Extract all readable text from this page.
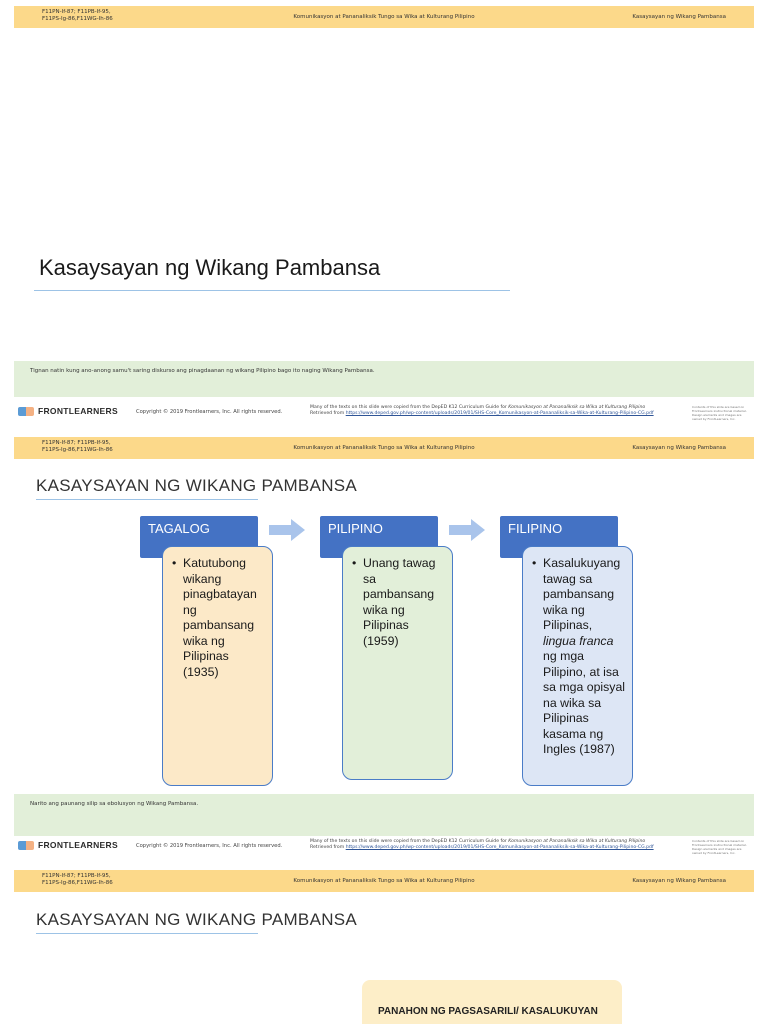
F11PN-If-87; F11PB-If-95,
F11PS-Ig-86,F11WG-Ih-86	Komunikasyon at Pananaliksik Tungo sa Wika at Kulturang Pilipino	Kasaysayan ng Wikang Pambansa
Kasaysayan ng Wikang Pambansa
Tignan natin kung ano-anong samu't saring diskurso ang pinagdaanan ng wikang Pilipino bago ito naging Wikang Pambansa.
FRONTLEARNERS	Copyright © 2019 Frontlearners, Inc. All rights reserved.
Many of the texts on this slide were copied from the DepED K12 Curriculum Guide for Komunikasyon at Pananaliksik sa Wika at Kulturang Pilipino
Retrieved from https://www.deped.gov.ph/wp-content/uploads/2019/01/SHS-Core_Komunikasyon-at-Pananaliksik-sa-Wika-at-Kulturang-Pilipino-CG.pdf
Contents of this slide are based on FrontLearners instructional material. Design elements and images are owned by FrontLearners, Inc.
F11PN-If-87; F11PB-If-95,
F11PS-Ig-86,F11WG-Ih-86	Komunikasyon at Pananaliksik Tungo sa Wika at Kulturang Pilipino	Kasaysayan ng Wikang Pambansa
KASAYSAYAN NG WIKANG PAMBANSA
TAGALOG
• Katutubong wikang pinagbatayan ng pambansang wika ng Pilipinas (1935)
PILIPINO
• Unang tawag sa pambansang wika ng Pilipinas (1959)
FILIPINO
• Kasalukuyang tawag sa pambansang wika ng Pilipinas, lingua franca ng mga Pilipino, at isa sa mga opisyal na wika sa Pilipinas kasama ng Ingles (1987)
Narito ang paunang silip sa ebolusyon ng Wikang Pambansa.
FRONTLEARNERS	Copyright © 2019 Frontlearners, Inc. All rights reserved.
Many of the texts on this slide were copied from the DepED K12 Curriculum Guide for Komunikasyon at Pananaliksik sa Wika at Kulturang Pilipino
Retrieved from https://www.deped.gov.ph/wp-content/uploads/2019/01/SHS-Core_Komunikasyon-at-Pananaliksik-sa-Wika-at-Kulturang-Pilipino-CG.pdf
Contents of this slide are based on FrontLearners instructional material. Design elements and images are owned by FrontLearners, Inc.
F11PN-If-87; F11PB-If-95,
F11PS-Ig-86,F11WG-Ih-86	Komunikasyon at Pananaliksik Tungo sa Wika at Kulturang Pilipino	Kasaysayan ng Wikang Pambansa
KASAYSAYAN NG WIKANG PAMBANSA
PANAHON NG PAGSASARILI/ KASALUKUYAN
